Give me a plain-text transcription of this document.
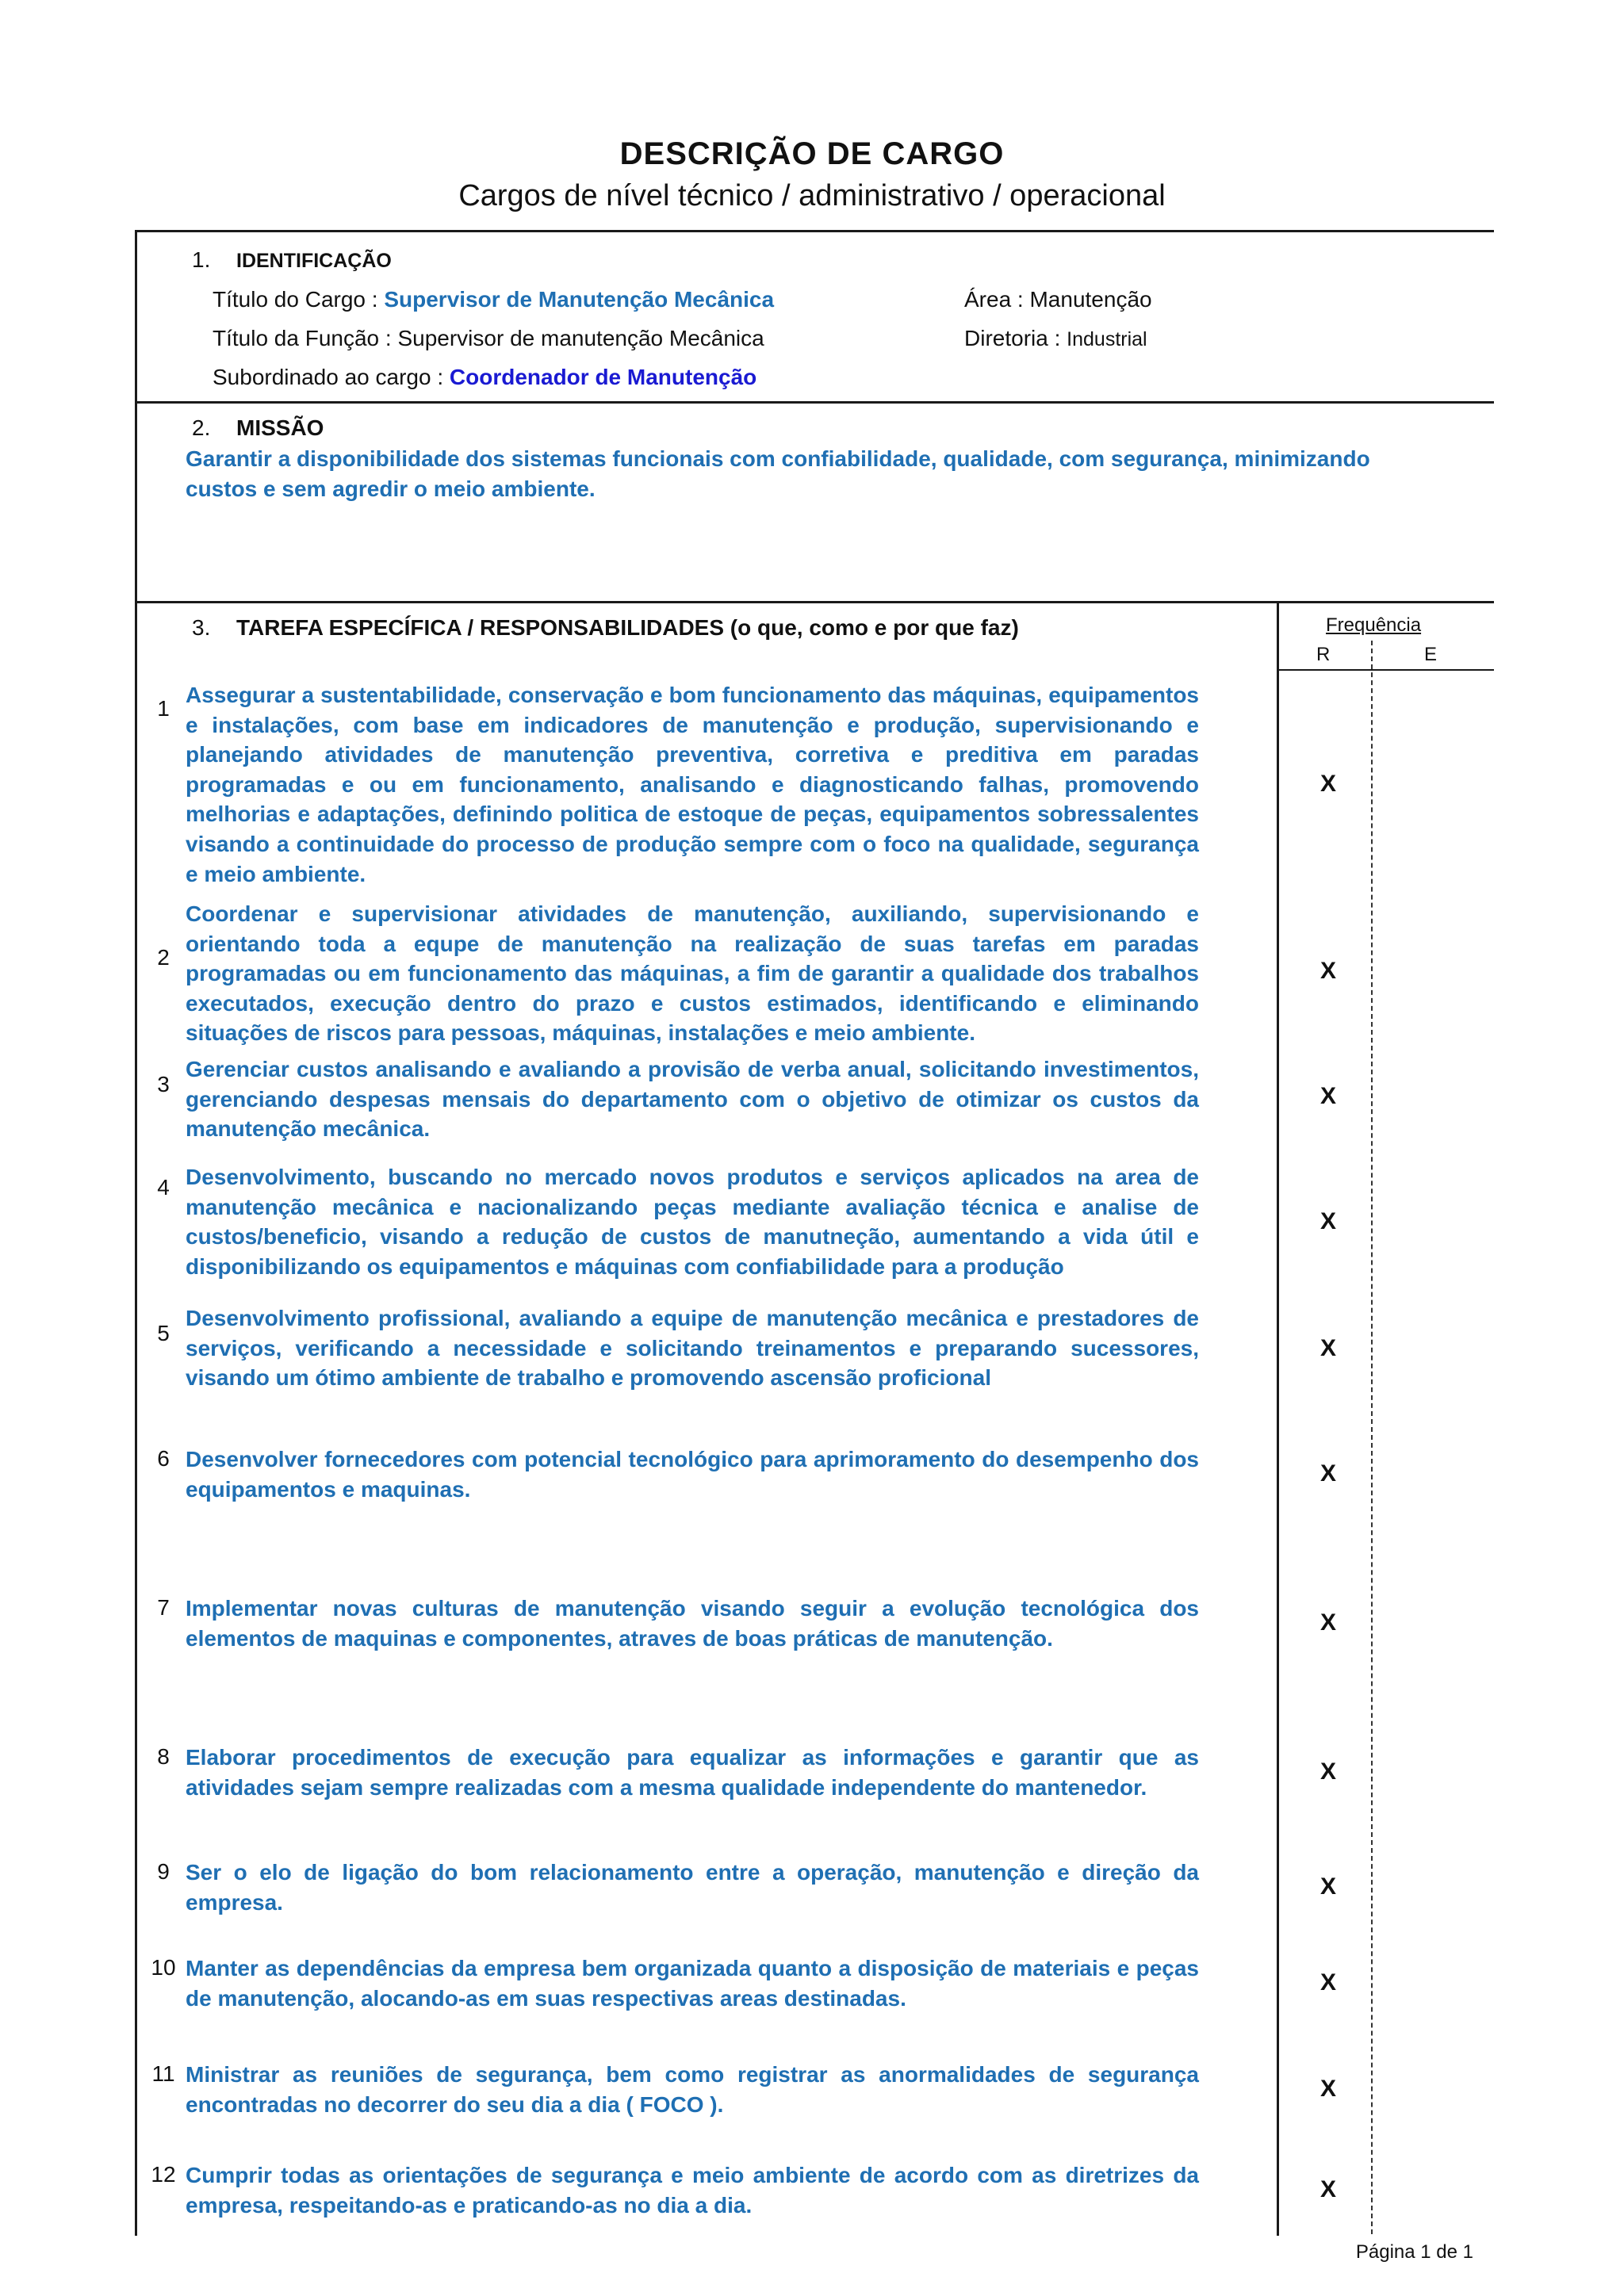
DESCRIÇÃO DE CARGO
Cargos de nível técnico / administrativo / operacional
1. IDENTIFICAÇÃO
Título do Cargo : Supervisor de Manutenção Mecânica
Título da Função : Supervisor de manutenção Mecânica
Subordinado ao cargo : Coordenador de Manutenção
Área : Manutenção
Diretoria : Industrial
2. MISSÃO
Garantir a disponibilidade dos sistemas funcionais com confiabilidade, qualidade, com segurança, minimizando custos e sem agredir o meio ambiente.
3. TAREFA ESPECÍFICA / RESPONSABILIDADES (o que, como e por que faz)	Frequência
R	E
1
Assegurar a sustentabilidade, conservação e bom funcionamento das máquinas, equipamentos e instalações, com base em indicadores de manutenção e produção, supervisionando e planejando atividades de manutenção preventiva, corretiva e preditiva em paradas programadas e ou em funcionamento, analisando e diagnosticando falhas, promovendo melhorias e adaptações, definindo politica de estoque de peças, equipamentos sobressalentes visando a continuidade do processo de produção sempre com o foco na qualidade, segurança e meio ambiente.
X
2
Coordenar e supervisionar atividades de manutenção, auxiliando, supervisionando e orientando toda a equpe de manutenção na realização de suas tarefas em paradas programadas ou em funcionamento das máquinas, a fim de garantir a qualidade dos trabalhos executados, execução dentro do prazo e custos estimados, identificando e eliminando situações de riscos para pessoas, máquinas, instalações e meio ambiente.
X
3
Gerenciar custos analisando e avaliando a provisão de verba anual, solicitando investimentos, gerenciando despesas mensais do departamento com o objetivo de otimizar os custos da manutenção mecânica.
X
4 Desenvolvimento, buscando no mercado novos produtos e serviços aplicados na area de manutenção mecânica e nacionalizando peças mediante avaliação técnica e analise de custos/beneficio, visando a redução de custos de manutneção, aumentando a vida útil e disponibilizando os equipamentos e máquinas com confiabilidade para a produção
X
5
Desenvolvimento profissional, avaliando a equipe de manutenção mecânica e prestadores de serviços, verificando a necessidade e solicitando treinamentos e preparando sucessores, visando um ótimo ambiente de trabalho e promovendo ascensão proficional
X
6 Desenvolver fornecedores com potencial tecnológico para aprimoramento do desempenho dos equipamentos e maquinas.
X
7 Implementar novas culturas de manutenção visando seguir a evolução tecnológica dos elementos de maquinas e componentes, atraves de boas práticas de manutenção.
X
8 Elaborar procedimentos de execução para equalizar as informações e garantir que as atividades sejam sempre realizadas com a mesma qualidade independente do mantenedor.
X
9 Ser o elo de ligação do bom relacionamento entre a operação, manutenção e direção da empresa.
X
10 Manter as dependências da empresa bem organizada quanto a disposição de materiais e peças de manutenção, alocando-as em suas respectivas areas destinadas.
X
11 Ministrar as reuniões de segurança, bem como registrar as anormalidades de segurança encontradas no decorrer do seu dia a dia ( FOCO ).
X
12 Cumprir todas as orientações de segurança e meio ambiente de acordo com as diretrizes da empresa, respeitando-as e praticando-as no dia a dia.
X
Página 1 de 1
